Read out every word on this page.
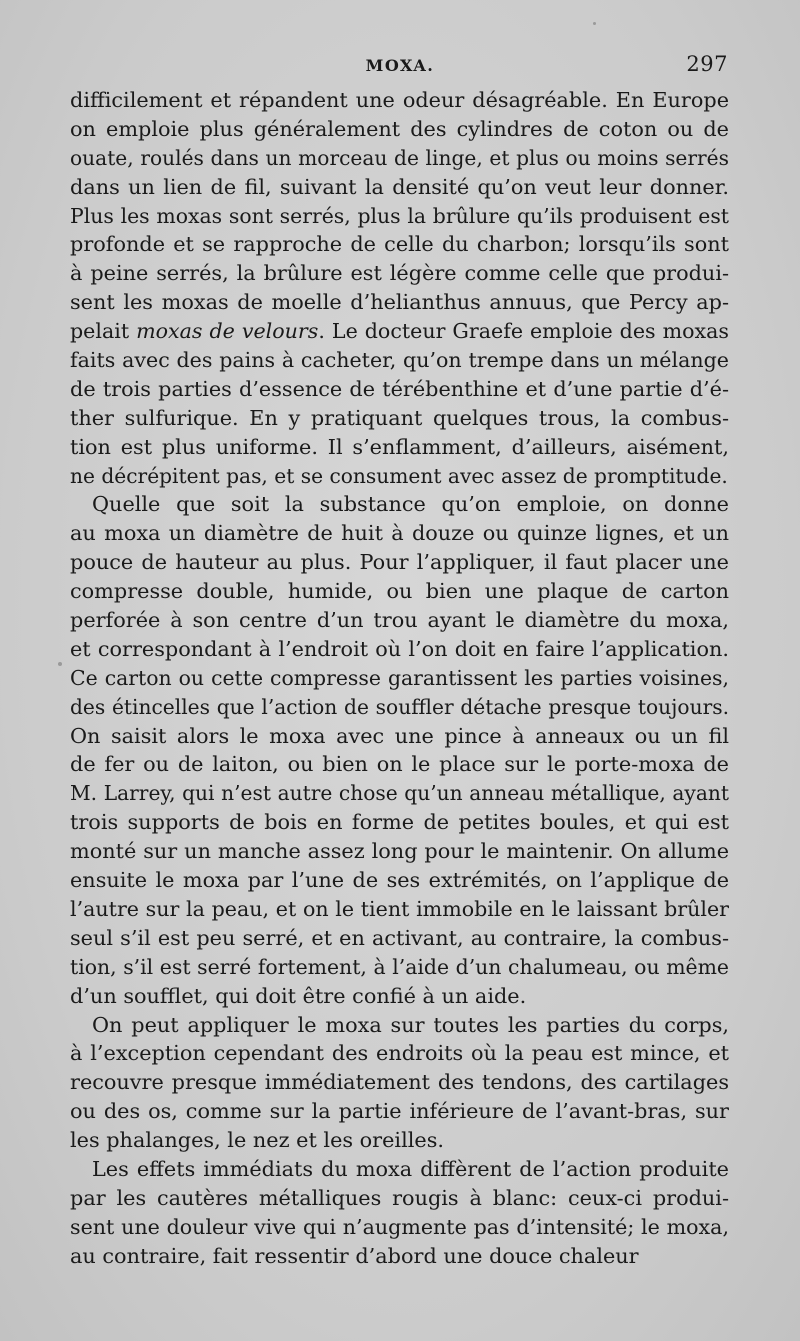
MOXA.	297
difficilement et répandent une odeur désagréable. En Europe
on emploie plus généralement des cylindres de coton ou de
ouate, roulés dans un morceau de linge, et plus ou moins serrés
dans un lien de fil, suivant la densité qu’on veut leur donner.
Plus les moxas sont serrés, plus la brûlure qu’ils produisent est
profonde et se rapproche de celle du charbon; lorsqu’ils sont
à peine serrés, la brûlure est légère comme celle que produi-
sent les moxas de moelle d’helianthus annuus, que Percy ap-
pelait moxas de velours. Le docteur Graefe emploie des moxas
faits avec des pains à cacheter, qu’on trempe dans un mélange
de trois parties d’essence de térébenthine et d’une partie d’é-
ther sulfurique. En y pratiquant quelques trous, la combus-
tion est plus uniforme. Il s’enflamment, d’ailleurs, aisément,
ne décrépitent pas, et se consument avec assez de promptitude.
Quelle que soit la substance qu’on emploie, on donne
au moxa un diamètre de huit à douze ou quinze lignes, et un
pouce de hauteur au plus. Pour l’appliquer, il faut placer une
compresse double, humide, ou bien une plaque de carton
perforée à son centre d’un trou ayant le diamètre du moxa,
et correspondant à l’endroit où l’on doit en faire l’application.
Ce carton ou cette compresse garantissent les parties voisines,
des étincelles que l’action de souffler détache presque toujours.
On saisit alors le moxa avec une pince à anneaux ou un fil
de fer ou de laiton, ou bien on le place sur le porte-moxa de
M. Larrey, qui n’est autre chose qu’un anneau métallique, ayant
trois supports de bois en forme de petites boules, et qui est
monté sur un manche assez long pour le maintenir. On allume
ensuite le moxa par l’une de ses extrémités, on l’applique de
l’autre sur la peau, et on le tient immobile en le laissant brûler
seul s’il est peu serré, et en activant, au contraire, la combus-
tion, s’il est serré fortement, à l’aide d’un chalumeau, ou même
d’un soufflet, qui doit être confié à un aide.
On peut appliquer le moxa sur toutes les parties du corps,
à l’exception cependant des endroits où la peau est mince, et
recouvre presque immédiatement des tendons, des cartilages
ou des os, comme sur la partie inférieure de l’avant-bras, sur
les phalanges, le nez et les oreilles.
Les effets immédiats du moxa diffèrent de l’action produite
par les cautères métalliques rougis à blanc: ceux-ci produi-
sent une douleur vive qui n’augmente pas d’intensité; le moxa,
au contraire, fait ressentir d’abord une douce chaleur
